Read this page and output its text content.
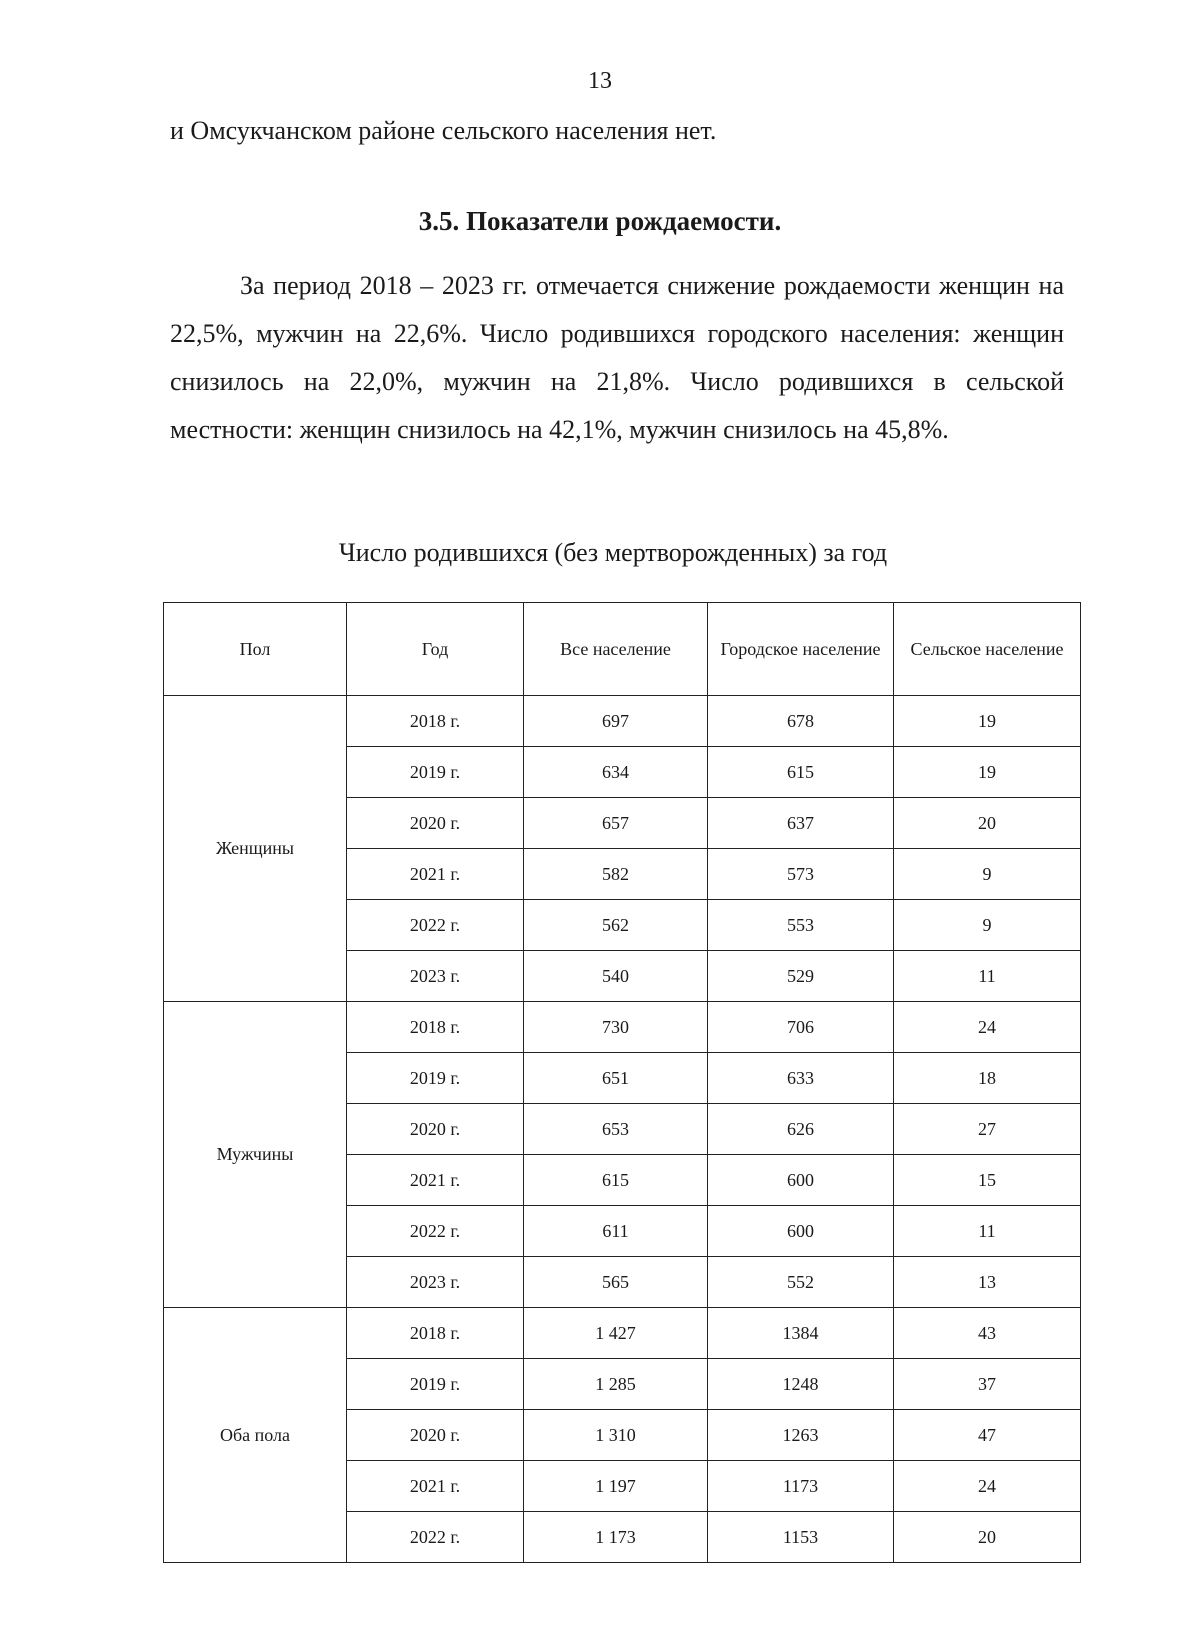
13
и Омсукчанском районе сельского населения нет.
3.5. Показатели рождаемости.
За период 2018 – 2023 гг. отмечается снижение рождаемости женщин на 22,5%, мужчин на 22,6%. Число родившихся городского населения: женщин снизилось на 22,0%, мужчин на 21,8%. Число родившихся в сельской местности: женщин снизилось на 42,1%, мужчин снизилось на 45,8%.
Число родившихся (без мертворожденных) за год
Пол	Год	Все население	Городское население	Сельское население
Женщины	2018 г.	697	678	19
	2019 г.	634	615	19
	2020 г.	657	637	20
	2021 г.	582	573	9
	2022 г.	562	553	9
	2023 г.	540	529	11
Мужчины	2018 г.	730	706	24
	2019 г.	651	633	18
	2020 г.	653	626	27
	2021 г.	615	600	15
	2022 г.	611	600	11
	2023 г.	565	552	13
Оба пола	2018 г.	1 427	1384	43
	2019 г.	1 285	1248	37
	2020 г.	1 310	1263	47
	2021 г.	1 197	1173	24
	2022 г.	1 173	1153	20
